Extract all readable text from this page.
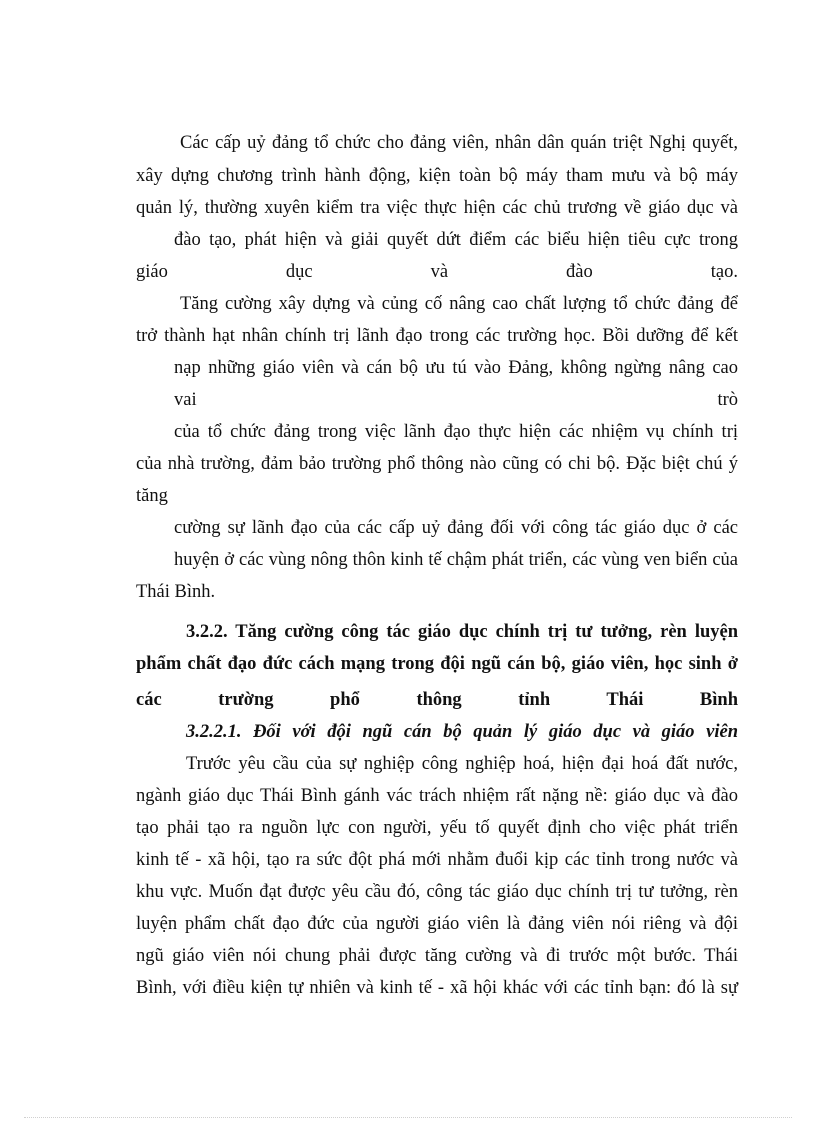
Các cấp uỷ đảng tổ chức cho đảng viên, nhân dân quán triệt Nghị quyết,
xây dựng chương trình hành động, kiện toàn bộ máy tham mưu và bộ máy
quản lý, thường xuyên kiểm tra việc thực hiện các chủ trương về giáo dục và
đào tạo, phát hiện và giải quyết dứt điểm các biểu hiện tiêu cực trong
giáo dục và đào tạo.
Tăng cường xây dựng và củng cố nâng cao chất lượng tổ chức đảng để
trở thành hạt nhân chính trị lãnh đạo trong các trường học. Bồi dưỡng để kết
nạp những giáo viên và cán bộ ưu tú vào Đảng, không ngừng nâng cao
vai trò
của tổ chức đảng trong việc lãnh đạo thực hiện các nhiệm vụ chính trị
của nhà trường, đảm bảo trường phổ thông nào cũng có chi bộ. Đặc biệt chú ý
tăng
cường sự lãnh đạo của các cấp uỷ đảng đối với công tác giáo dục ở các
huyện ở các vùng nông thôn kinh tế chậm phát triển, các vùng ven biển của
Thái Bình.
3.2.2. Tăng cường công tác giáo dục chính trị tư tưởng, rèn luyện
phẩm chất đạo đức cách mạng trong đội ngũ cán bộ, giáo viên, học sinh ở
các trường phổ thông tỉnh Thái Bình
3.2.2.1. Đối với đội ngũ cán bộ quản lý giáo dục và giáo viên
Trước yêu cầu của sự nghiệp công nghiệp hoá, hiện đại hoá đất nước,
ngành giáo dục Thái Bình gánh vác trách nhiệm rất nặng nề: giáo dục và đào
tạo phải tạo ra nguồn lực con người, yếu tố quyết định cho việc phát triển
kinh tế - xã hội, tạo ra sức đột phá mới nhằm đuổi kịp các tỉnh trong nước và
khu vực. Muốn đạt được yêu cầu đó, công tác giáo dục chính trị tư tưởng, rèn
luyện phẩm chất đạo đức của người giáo viên là đảng viên nói riêng và đội
ngũ giáo viên nói chung phải được tăng cường và đi trước một bước. Thái
Bình, với điều kiện tự nhiên và kinh tế - xã hội khác với các tỉnh bạn: đó là sự
